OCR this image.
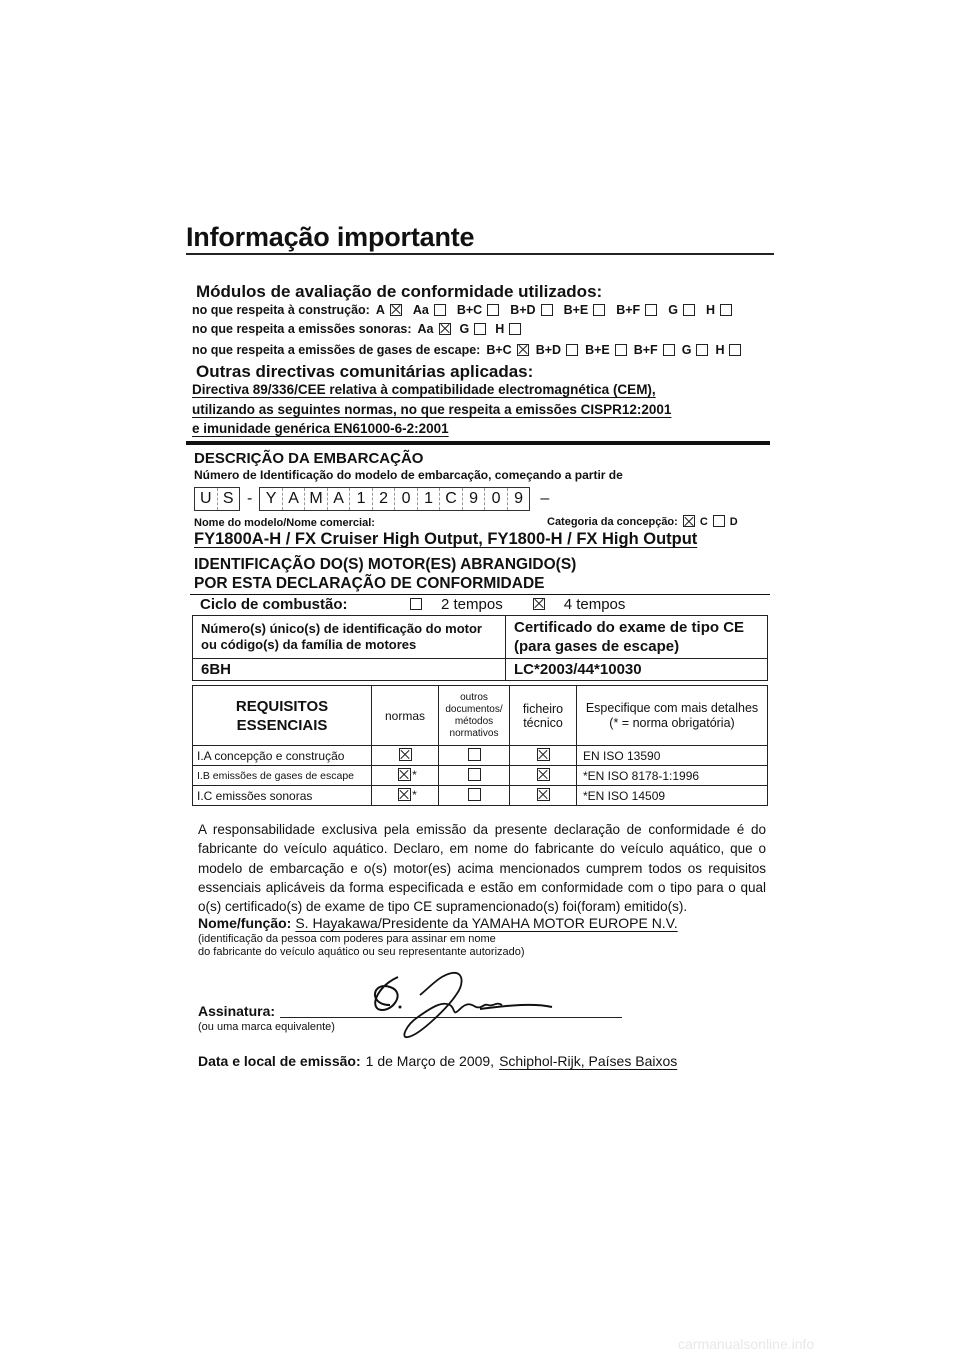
Informação importante
Módulos de avaliação de conformidade utilizados:
no que respeita à construção: A Aa B+C B+D B+E B+F G H
no que respeita a emissões sonoras: Aa G H
no que respeita a emissões de gases de escape: B+C B+D B+E B+F G H
Outras directivas comunitárias aplicadas:
Directiva 89/336/CEE relativa à compatibilidade electromagnética (CEM),
utilizando as seguintes normas, no que respeita a emissões CISPR12:2001
e imunidade genérica EN61000-6-2:2001
DESCRIÇÃO DA EMBARCAÇÃO
Número de Identificação do modelo de embarcação, começando a partir de
U S - Y A M A 1 2 0 1 C 9 0 9	–
Nome do modelo/Nome comercial:	Categoria da concepção:	C D
FY1800A-H / FX Cruiser High Output, FY1800-H / FX High Output
IDENTIFICAÇÃO DO(S) MOTOR(ES) ABRANGIDO(S)
POR ESTA DECLARAÇÃO DE CONFORMIDADE
Ciclo de combustão:	2 tempos	4 tempos
Número(s) único(s) de identificação do motor ou código(s) da família de motores	Certificado do exame de tipo CE (para gases de escape)
6BH	LC*2003/44*10030
REQUISITOS ESSENCIAIS	normas	outros documentos/ métodos normativos	ficheiro técnico	Especifique com mais detalhes (* = norma obrigatória)
I.A concepção e construção				EN ISO 13590
I.B emissões de gases de escape	*			*EN ISO 8178-1:1996
I.C emissões sonoras	*			*EN ISO 14509
A responsabilidade exclusiva pela emissão da presente declaração de conformidade é do fabricante do veículo aquático. Declaro, em nome do fabricante do veículo aquático, que o modelo de embarcação e o(s) motor(es) acima mencionados cumprem todos os requisitos essenciais aplicáveis da forma especificada e estão em conformidade com o tipo para o qual o(s) certificado(s) de exame de tipo CE supramencionado(s) foi(foram) emitido(s).
Nome/função: S. Hayakawa/Presidente da YAMAHA MOTOR EUROPE N.V.
(identificação da pessoa com poderes para assinar em nome
do fabricante do veículo aquático ou seu representante autorizado)
Assinatura:
(ou uma marca equivalente)
Data e local de emissão: 1 de Março de 2009, Schiphol-Rijk, Países Baixos
carmanualsonline.info
